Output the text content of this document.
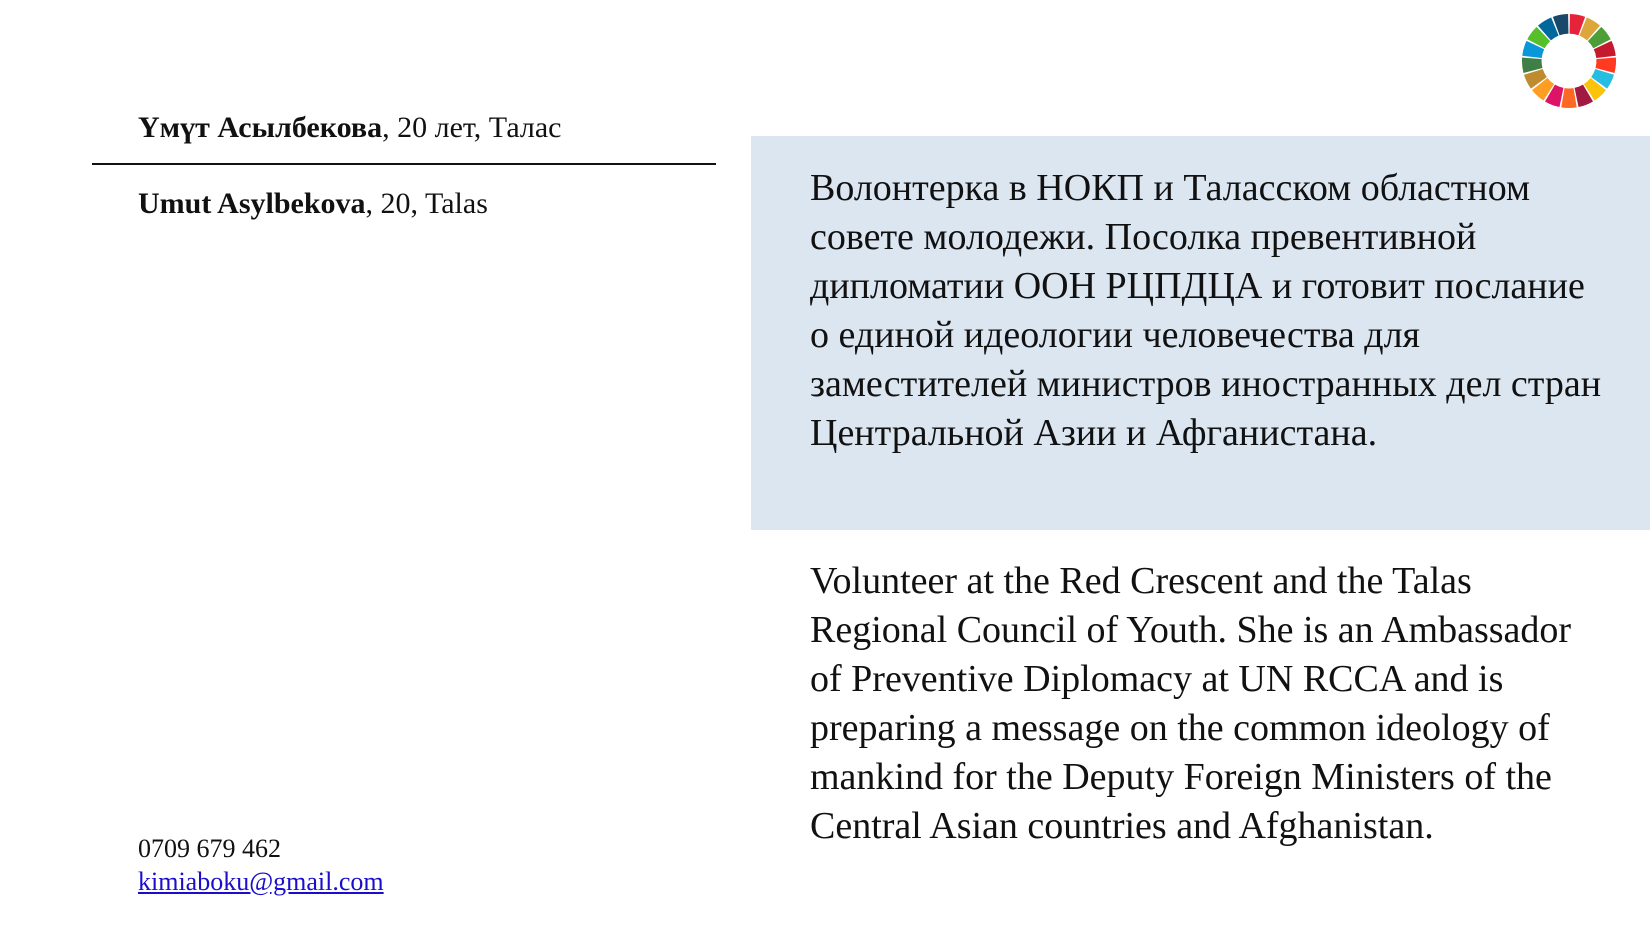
Үмүт Асылбекова, 20 лет, Талас
Umut Asylbekova, 20, Talas	Волонтерка в НОКП и Таласском областном совете молодежи. Посолка превентивной дипломатии ООН РЦПДЦА и готовит послание о единой идеологии человечества для заместителей министров иностранных дел стран Центральной Азии и Афганистана.

Volunteer at the Red Crescent and the Talas Regional Council of Youth. She is an Ambassador of Preventive Diplomacy at UN RCCA and is preparing a message on the common ideology of mankind for the Deputy Foreign Ministers of the Central Asian countries and Afghanistan.

0709 679 462
kimiaboku@gmail.com
